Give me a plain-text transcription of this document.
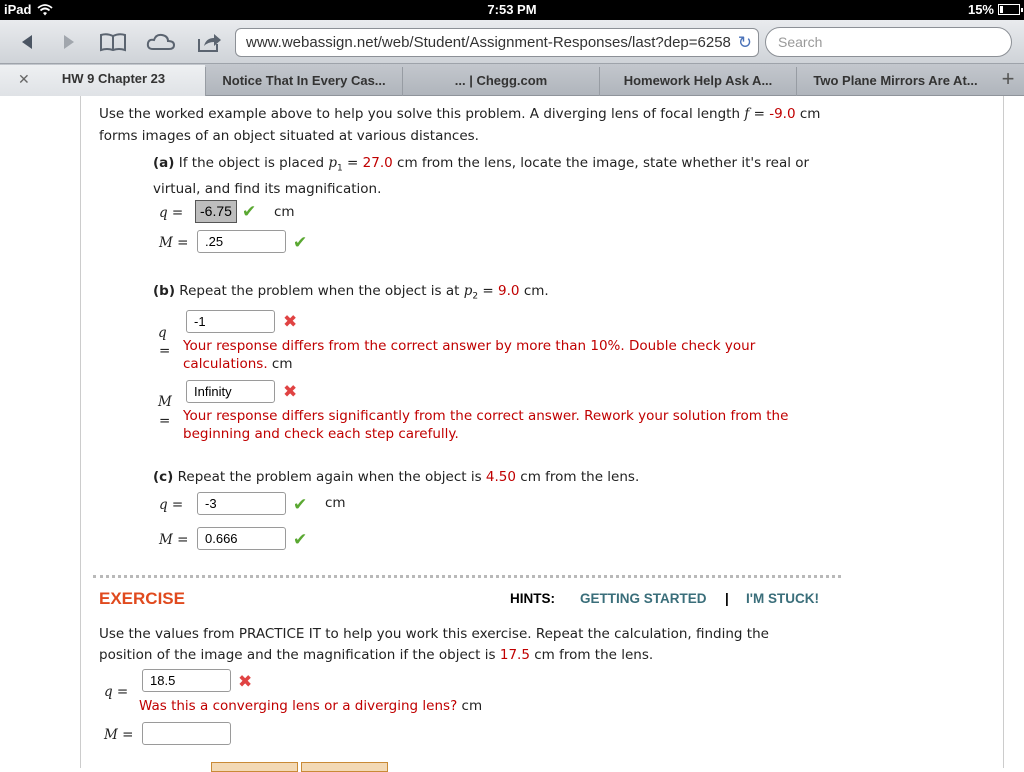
iPad	7:53 PM	15%
www.webassign.net/web/Student/Assignment-Responses/last?dep=6258 ↻	Search
✕ HW 9 Chapter 23	Notice That In Every Cas...	... | Chegg.com	Homework Help Ask A...	Two Plane Mirrors Are At...	+
Use the worked example above to help you solve this problem. A diverging lens of focal length f = -9.0 cm
forms images of an object situated at various distances.
(a) If the object is placed $p_1 = 27.0$ cm from the lens, locate the image, state whether it's real or
virtual, and find its magnification.
q =	-6.75 ✔ cm
M =	.25	✔
(b) Repeat the problem when the object is at $p_2 = 9.0$ cm.
q
=
-1	✖
Your response differs from the correct answer by more than 10%. Double check your
calculations. cm
M
=
Infinity	✖
Your response differs significantly from the correct answer. Rework your solution from the
beginning and check each step carefully.
(c) Repeat the problem again when the object is 4.50 cm from the lens.
q =	-3	✔ cm
M =	0.666	✔
EXERCISE	HINTS: GETTING STARTED | I'M STUCK!
Use the values from PRACTICE IT to help you work this exercise. Repeat the calculation, finding the
position of the image and the magnification if the object is 17.5 cm from the lens.
q =
18.5	✖
Was this a converging lens or a diverging lens? cm
M =
